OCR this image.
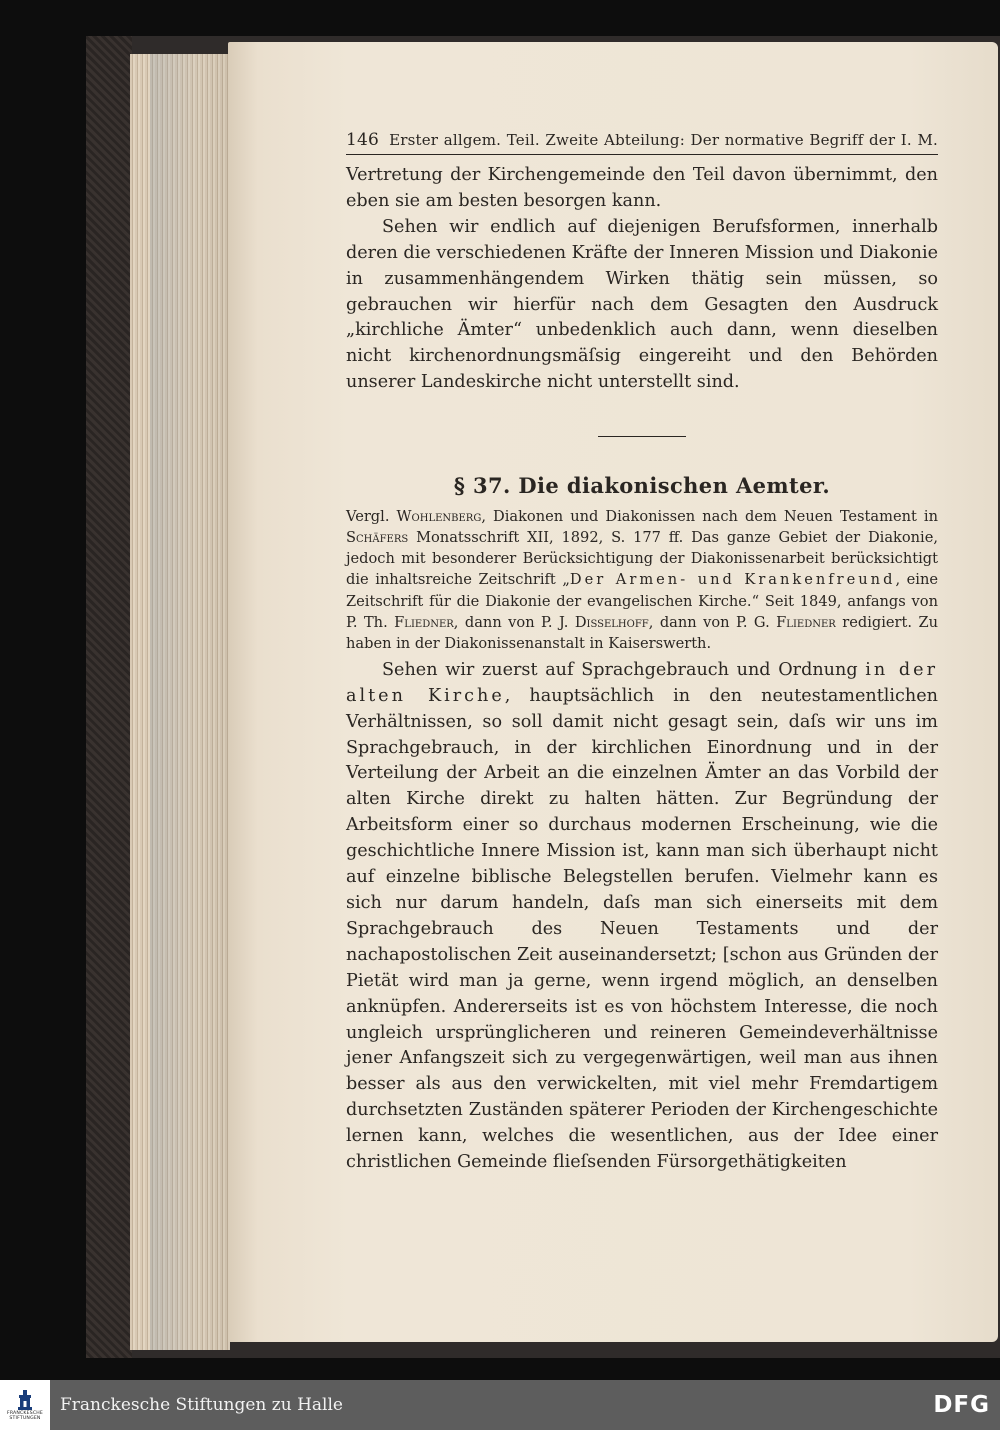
146 Erster allgem. Teil. Zweite Abteilung: Der normative Begriff der I. M.

Vertretung der Kirchengemeinde den Teil davon übernimmt, den eben sie am besten besorgen kann.

Sehen wir endlich auf diejenigen Berufsformen, innerhalb deren die verschiedenen Kräfte der Inneren Mission und Diakonie in zusammenhängendem Wirken thätig sein müssen, so gebrauchen wir hierfür nach dem Gesagten den Ausdruck „kirchliche Ämter“ unbedenklich auch dann, wenn dieselben nicht kirchenordnungsmäſsig eingereiht und den Behörden unserer Landeskirche nicht unterstellt sind.

§ 37. Die diakonischen Aemter.

Vergl. Wohlenberg, Diakonen und Diakonissen nach dem Neuen Testament in Schäfers Monatsschrift XII, 1892, S. 177 ff. Das ganze Gebiet der Diakonie, jedoch mit besonderer Berücksichtigung der Diakonissenarbeit berücksichtigt die inhaltsreiche Zeitschrift „Der Armen- und Krankenfreund, eine Zeitschrift für die Diakonie der evangelischen Kirche.“ Seit 1849, anfangs von P. Th. Fliedner, dann von P. J. Disselhoff, dann von P. G. Fliedner redigiert. Zu haben in der Diakonissenanstalt in Kaiserswerth.

Sehen wir zuerst auf Sprachgebrauch und Ordnung in der alten Kirche, hauptsächlich in den neutestamentlichen Verhältnissen, so soll damit nicht gesagt sein, daſs wir uns im Sprachgebrauch, in der kirchlichen Einordnung und in der Verteilung der Arbeit an die einzelnen Ämter an das Vorbild der alten Kirche direkt zu halten hätten. Zur Begründung der Arbeitsform einer so durchaus modernen Erscheinung, wie die geschichtliche Innere Mission ist, kann man sich überhaupt nicht auf einzelne biblische Belegstellen berufen. Vielmehr kann es sich nur darum handeln, daſs man sich einerseits mit dem Sprachgebrauch des Neuen Testaments und der nachapostolischen Zeit auseinandersetzt; [schon aus Gründen der Pietät wird man ja gerne, wenn irgend möglich, an denselben anknüpfen. Andererseits ist es von höchstem Interesse, die noch ungleich ursprünglicheren und reineren Gemeindeverhältnisse jener Anfangszeit sich zu vergegenwärtigen, weil man aus ihnen besser als aus den verwickelten, mit viel mehr Fremdartigem durchsetzten Zuständen späterer Perioden der Kirchengeschichte lernen kann, welches die wesentlichen, aus der Idee einer christlichen Gemeinde flieſsenden Fürsorgethätigkeiten

FRANCKESCHE
STIFTUNGEN
Franckesche Stiftungen zu Halle	DFG
